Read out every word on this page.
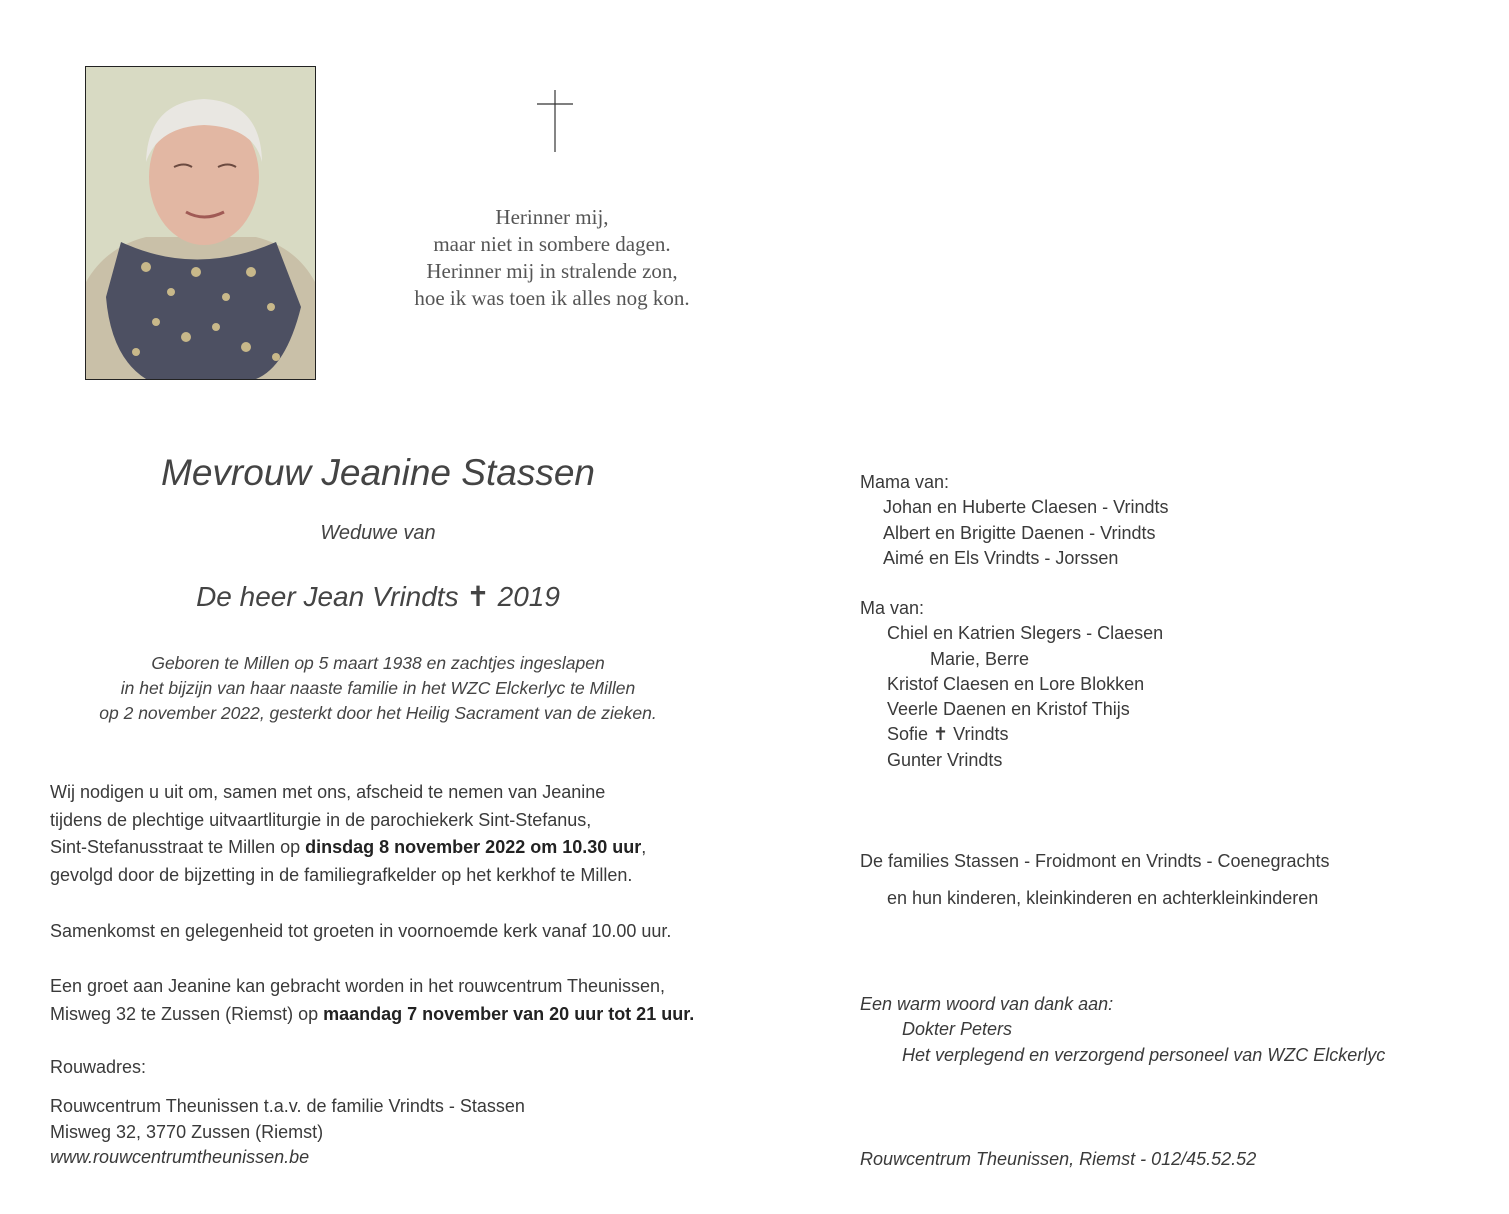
Herinner mij,
maar niet in sombere dagen.
Herinner mij in stralende zon,
hoe ik was toen ik alles nog kon.
Mevrouw Jeanine Stassen
Weduwe van
De heer Jean Vrindts ✝ 2019
Geboren te Millen op 5 maart 1938 en zachtjes ingeslapen
in het bijzijn van haar naaste familie in het WZC Elckerlyc te Millen
op 2 november 2022, gesterkt door het Heilig Sacrament van de zieken.
Wij nodigen u uit om, samen met ons, afscheid te nemen van Jeanine
tijdens de plechtige uitvaartliturgie in de parochiekerk Sint-Stefanus,
Sint-Stefanusstraat te Millen op dinsdag 8 november 2022 om 10.30 uur,
gevolgd door de bijzetting in de familiegrafkelder op het kerkhof te Millen.
Samenkomst en gelegenheid tot groeten in voornoemde kerk vanaf 10.00 uur.
Een groet aan Jeanine kan gebracht worden in het rouwcentrum Theunissen,
Misweg 32 te Zussen (Riemst) op maandag 7 november van 20 uur tot 21 uur.
Rouwadres:
Rouwcentrum Theunissen t.a.v. de familie Vrindts - Stassen
Misweg 32, 3770 Zussen (Riemst)
www.rouwcentrumtheunissen.be
Mama van:
Johan en Huberte Claesen - Vrindts
Albert en Brigitte Daenen - Vrindts
Aimé en Els Vrindts - Jorssen
Ma van:
Chiel en Katrien Slegers - Claesen
Marie, Berre
Kristof Claesen en Lore Blokken
Veerle Daenen en Kristof Thijs
Sofie ✝ Vrindts
Gunter Vrindts
De families Stassen - Froidmont en Vrindts - Coenegrachts
en hun kinderen, kleinkinderen en achterkleinkinderen
Een warm woord van dank aan:
Dokter Peters
Het verplegend en verzorgend personeel van WZC Elckerlyc
Rouwcentrum Theunissen, Riemst - 012/45.52.52
